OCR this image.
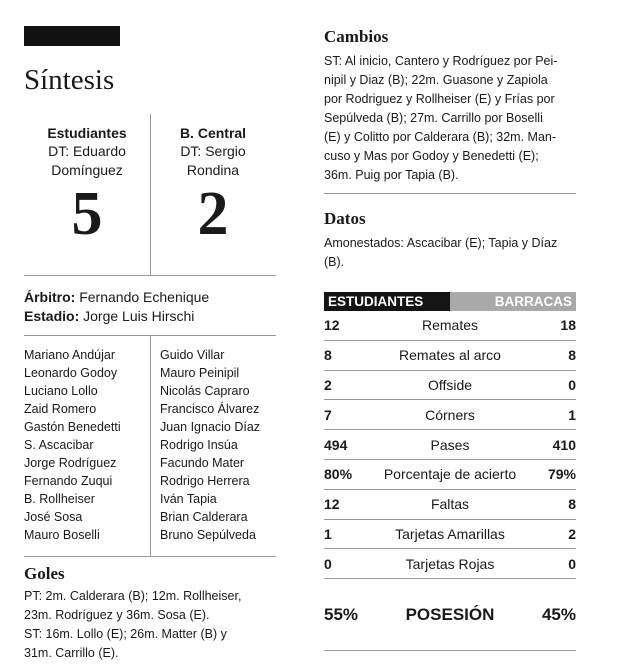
Síntesis
Estudiantes
DT: Eduardo
Domínguez
5
B. Central
DT: Sergio
Rondina
2
Árbitro: Fernando Echenique
Estadio: Jorge Luis Hirschi
Mariano Andújar
Leonardo Godoy
Luciano Lollo
Zaid Romero
Gastón Benedetti
S. Ascacibar
Jorge Rodríguez
Fernando Zuqui
B. Rollheiser
José Sosa
Mauro Boselli
Guido Villar
Mauro Peinipil
Nicolás Capraro
Francisco Álvarez
Juan Ignacio Díaz
Rodrigo Insúa
Facundo Mater
Rodrigo Herrera
Iván Tapia
Brian Calderara
Bruno Sepúlveda
Goles
PT: 2m. Calderara (B); 12m. Rollheiser,
23m. Rodríguez y 36m. Sosa (E).
ST: 16m. Lollo (E); 26m. Matter (B) y
31m. Carrillo (E).
Cambios
ST: Al inicio, Cantero y Rodríguez por Pei-
nipil y Diaz (B); 22m. Guasone y Zapiola
por Rodriguez y Rollheiser (E) y Frías por
Sepúlveda (B); 27m. Carrillo por Boselli
(E) y Colitto por Calderara (B); 32m. Man-
cuso y Mas por Godoy y Benedetti (E);
36m. Puig por Tapia (B).
Datos
Amonestados: Ascacibar (E); Tapia y Díaz
(B).
ESTUDIANTES	BARRACAS
12	Remates	18
8	Remates al arco	8
2	Offside	0
7	Córners	1
494	Pases	410
80%	Porcentaje de acierto	79%
12	Faltas	8
1	Tarjetas Amarillas	2
0	Tarjetas Rojas	0
55%	POSESIÓN	45%
